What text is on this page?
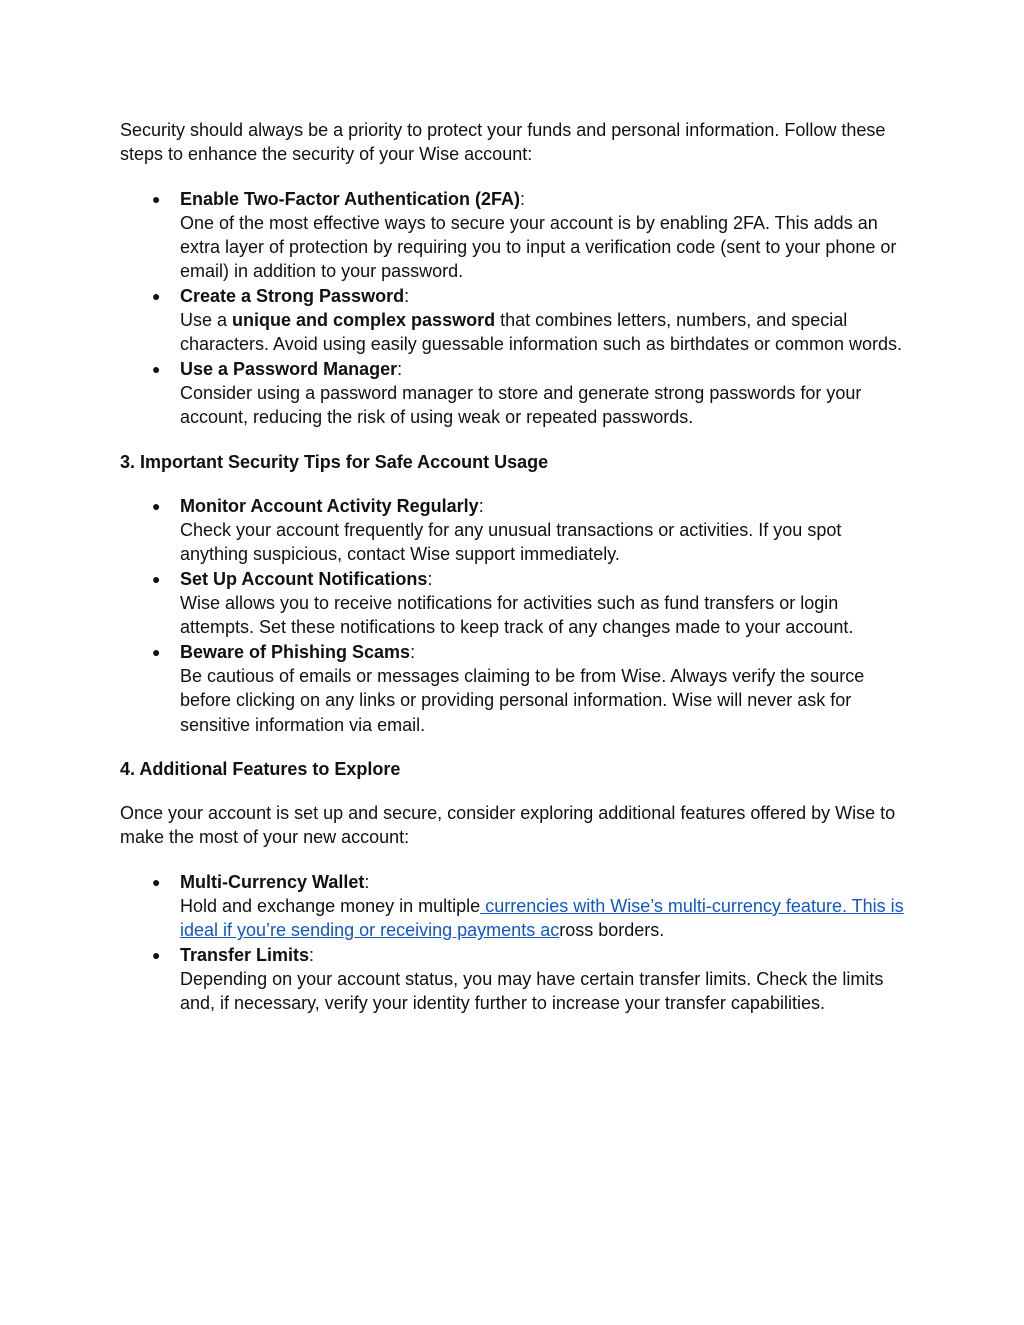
Security should always be a priority to protect your funds and personal information. Follow these steps to enhance the security of your Wise account:

● Enable Two-Factor Authentication (2FA):

One of the most effective ways to secure your account is by enabling 2FA. This adds an extra layer of protection by requiring you to input a verification code (sent to your phone or email) in addition to your password.

● Create a Strong Password:

Use a unique and complex password that combines letters, numbers, and special characters. Avoid using easily guessable information such as birthdates or common words.

● Use a Password Manager:

Consider using a password manager to store and generate strong passwords for your account, reducing the risk of using weak or repeated passwords.

3. Important Security Tips for Safe Account Usage

● Monitor Account Activity Regularly:

Check your account frequently for any unusual transactions or activities. If you spot anything suspicious, contact Wise support immediately.

● Set Up Account Notifications:

Wise allows you to receive notifications for activities such as fund transfers or login attempts. Set these notifications to keep track of any changes made to your account.

● Beware of Phishing Scams:

Be cautious of emails or messages claiming to be from Wise. Always verify the source before clicking on any links or providing personal information. Wise will never ask for sensitive information via email.

4. Additional Features to Explore

Once your account is set up and secure, consider exploring additional features offered by Wise to make the most of your new account:

● Multi-Currency Wallet:

Hold and exchange money in multiple currencies with Wise’s multi-currency feature. This is ideal if you’re sending or receiving payments across borders.

● Transfer Limits:

Depending on your account status, you may have certain transfer limits. Check the limits and, if necessary, verify your identity further to increase your transfer capabilities.
